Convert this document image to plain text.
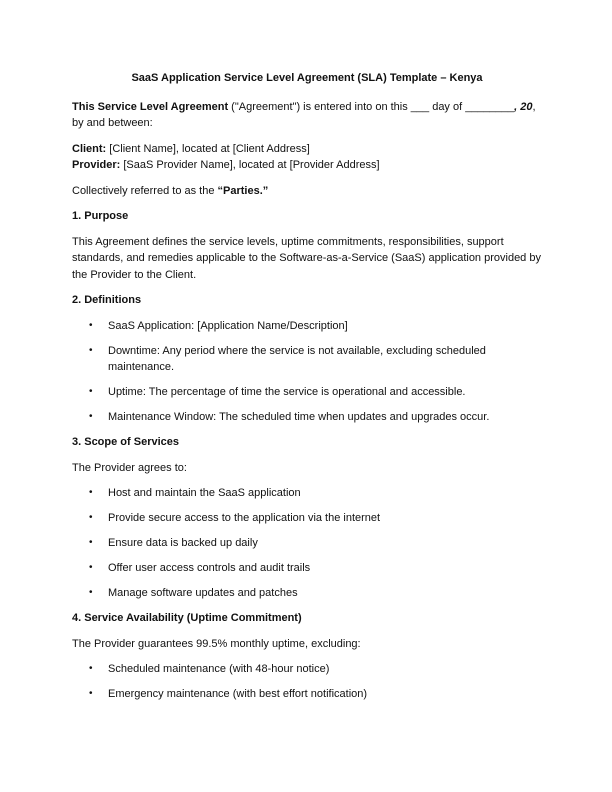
SaaS Application Service Level Agreement (SLA) Template – Kenya

This Service Level Agreement ("Agreement") is entered into on this ___ day of ________, 20, by and between:

Client: [Client Name], located at [Client Address]

Provider: [SaaS Provider Name], located at [Provider Address]

Collectively referred to as the “Parties.”

1. Purpose

This Agreement defines the service levels, uptime commitments, responsibilities, support standards, and remedies applicable to the Software-as-a-Service (SaaS) application provided by the Provider to the Client.

2. Definitions
• SaaS Application: [Application Name/Description]
• Downtime: Any period where the service is not available, excluding scheduled maintenance.
• Uptime: The percentage of time the service is operational and accessible.
• Maintenance Window: The scheduled time when updates and upgrades occur.
3. Scope of Services

The Provider agrees to:

• Host and maintain the SaaS application
• Provide secure access to the application via the internet
• Ensure data is backed up daily
• Offer user access controls and audit trails
• Manage software updates and patches
4. Service Availability (Uptime Commitment)

The Provider guarantees 99.5% monthly uptime, excluding:

• Scheduled maintenance (with 48-hour notice)
• Emergency maintenance (with best effort notification)
